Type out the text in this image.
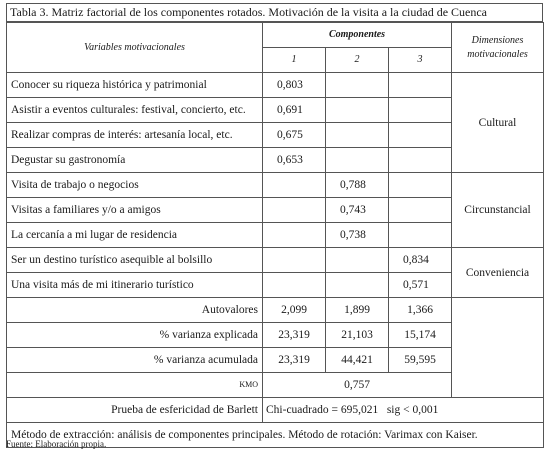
Tabla 3. Matriz factorial de los componentes rotados. Motivación de la visita a la ciudad de Cuenca
Variables motivacionales	Componentes			Dimensiones
motivacionales
	1	2	3	
Conocer su riqueza histórica y patrimonial	0,803			Cultural
Asistir a eventos culturales: festival, concierto, etc.	0,691			
Realizar compras de interés: artesanía local, etc.	0,675			
Degustar su gastronomía	0,653			
Visita de trabajo o negocios		0,788		Circunstancial
Visitas a familiares y/o a amigos		0,743		
La cercanía a mi lugar de residencia		0,738		
Ser un destino turístico asequible al bolsillo			0,834	Conveniencia
Una visita más de mi itinerario turístico			0,571	
Autovalores	2,099	1,899	1,366	
% varianza explicada	23,319	21,103	15,174	
% varianza acumulada	23,319	44,421	59,595	
KMO	0,757			
Prueba de esfericidad de Barlett	Chi-cuadrado = 695,021   sig < 0,001			
Método de extracción: análisis de componentes principales. Método de rotación: Varimax con Kaiser.				
Fuente: Elaboración propia.
